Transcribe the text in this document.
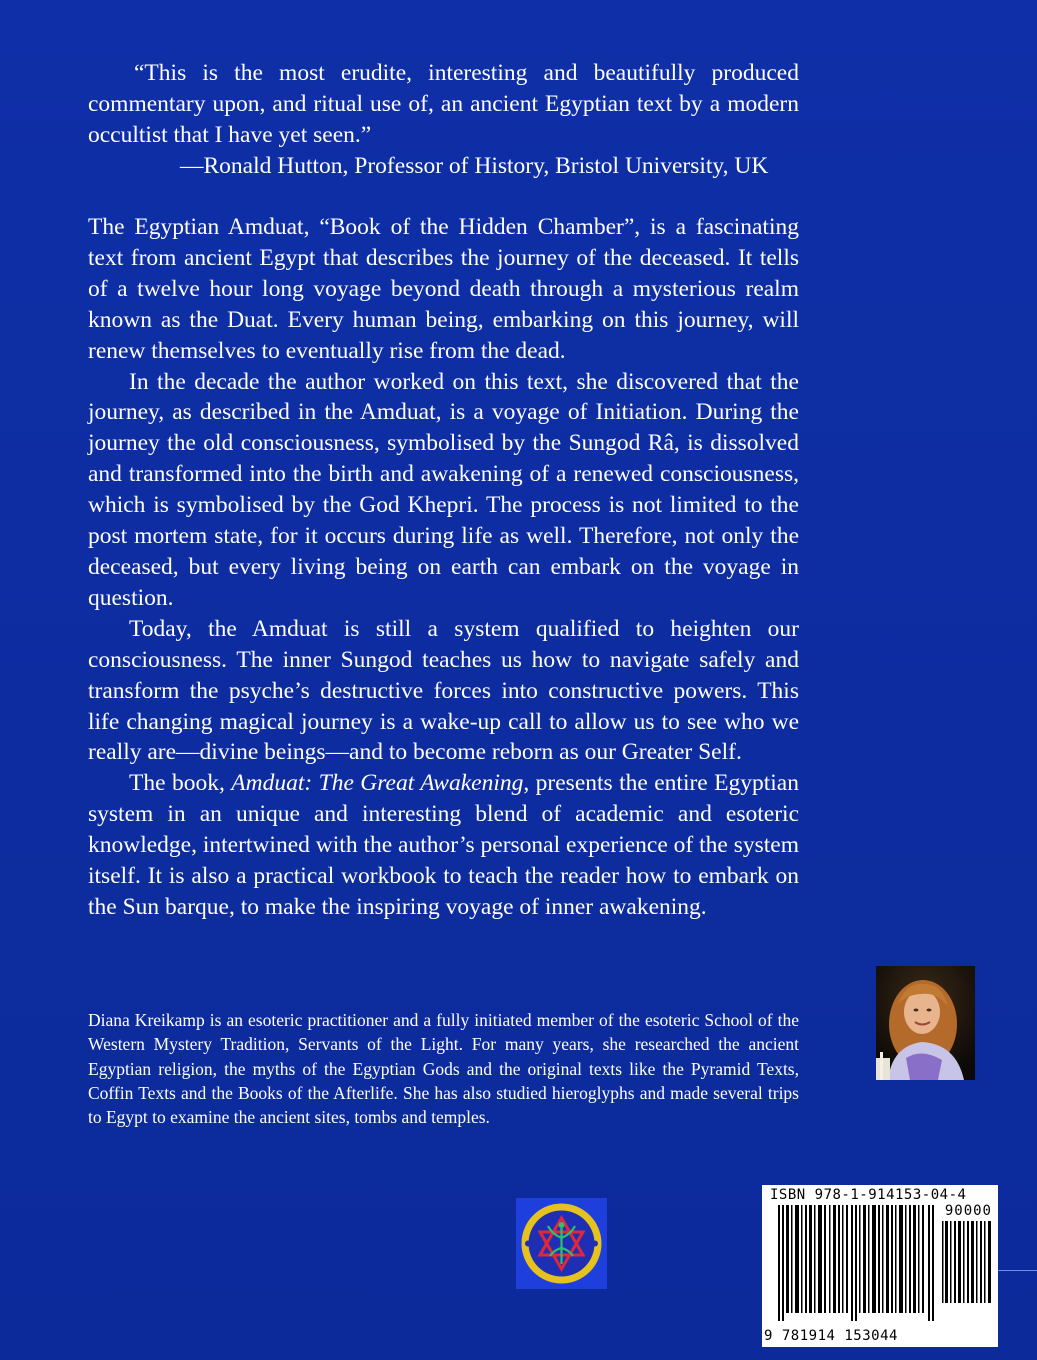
“This is the most erudite, interesting and beautifully produced commentary upon, and ritual use of, an ancient Egyptian text by a modern occultist that I have yet seen.”

—Ronald Hutton, Professor of History, Bristol University, UK

The Egyptian Amduat, “Book of the Hidden Chamber”, is a fascinating text from ancient Egypt that describes the journey of the deceased. It tells of a twelve hour long voyage beyond death through a mysterious realm known as the Duat. Every human being, embarking on this journey, will renew themselves to eventually rise from the dead.

In the decade the author worked on this text, she discovered that the journey, as described in the Amduat, is a voyage of Initiation. During the journey the old consciousness, symbolised by the Sungod Râ, is dissolved and transformed into the birth and awakening of a renewed consciousness, which is symbolised by the God Khepri. The process is not limited to the post mortem state, for it occurs during life as well. Therefore, not only the deceased, but every living being on earth can embark on the voyage in question.

Today, the Amduat is still a system qualified to heighten our consciousness. The inner Sungod teaches us how to navigate safely and transform the psyche’s destructive forces into constructive powers. This life changing magical journey is a wake-up call to allow us to see who we really are—divine beings—and to become reborn as our Greater Self.

The book, Amduat: The Great Awakening, presents the entire Egyptian system in an unique and interesting blend of academic and esoteric knowledge, intertwined with the author’s personal experience of the system itself. It is also a practical workbook to teach the reader how to embark on the Sun barque, to make the inspiring voyage of inner awakening.

Diana Kreikamp is an esoteric practitioner and a fully initiated member of the esoteric School of the Western Mystery Tradition, Servants of the Light. For many years, she researched the ancient Egyptian religion, the myths of the Egyptian Gods and the original texts like the Pyramid Texts, Coffin Texts and the Books of the Afterlife. She has also studied hieroglyphs and made several trips to Egypt to examine the ancient sites, tombs and temples.

ISBN 978-1-914153-04-4
90000
9 781914 153044
